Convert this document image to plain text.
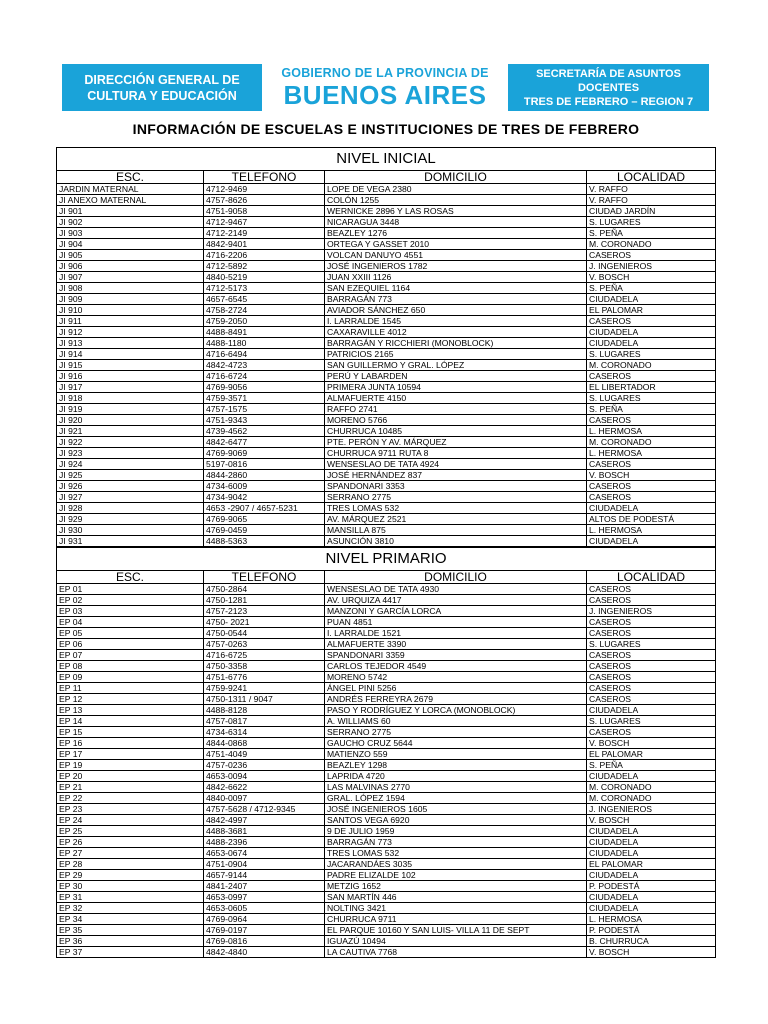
DIRECCIÓN GENERAL DE
CULTURA Y EDUCACIÓN
GOBIERNO DE LA PROVINCIA DE
BUENOS AIRES
SECRETARÍA DE ASUNTOS
DOCENTES
TRES DE FEBRERO – REGION 7
INFORMACIÓN DE ESCUELAS E INSTITUCIONES DE TRES DE FEBRERO
NIVEL INICIAL			
ESC.	TELEFONO	DOMICILIO	LOCALIDAD
JARDIN MATERNAL	4712-9469	LOPE DE VEGA 2380	V. RAFFO
JI ANEXO MATERNAL	4757-8626	COLÓN 1255	V. RAFFO
JI 901	4751-9058	WERNICKE 2896 Y LAS ROSAS	CIUDAD JARDÍN
JI 902	4712-9467	NICARAGUA 3448	S. LUGARES
JI 903	4712-2149	BEAZLEY 1276	S. PEÑA
JI 904	4842-9401	ORTEGA Y GASSET 2010	M. CORONADO
JI 905	4716-2206	VOLCAN DANUYO 4551	CASEROS
JI 906	4712-5892	JOSÉ INGENIEROS 1782	J. INGENIEROS
JI 907	4840-5219	JUAN XXIII 1126	V. BOSCH
JI 908	4712-5173	SAN EZEQUIEL 1164	S. PEÑA
JI 909	4657-6545	BARRAGÁN 773	CIUDADELA
JI 910	4758-2724	AVIADOR SÁNCHEZ 650	EL PALOMAR
JI 911	4759-2050	I. LARRALDE 1545	CASEROS
JI 912	4488-8491	CAXARAVILLE 4012	CIUDADELA
JI 913	4488-1180	BARRAGÁN Y RICCHIERI (MONOBLOCK)	CIUDADELA
JI 914	4716-6494	PATRICIOS 2165	S. LUGARES
JI 915	4842-4723	SAN GUILLERMO Y GRAL. LÓPEZ	M. CORONADO
JI 916	4716-6724	PERÚ Y LABARDEN	CASEROS
JI 917	4769-9056	PRIMERA JUNTA 10594	EL LIBERTADOR
JI 918	4759-3571	ALMAFUERTE 4150	S. LUGARES
JI 919	4757-1575	RAFFO 2741	S. PEÑA
JI 920	4751-9343	MORENO 5766	CASEROS
JI 921	4739-4562	CHURRUCA 10485	L. HERMOSA
JI 922	4842-6477	PTE. PERÓN Y AV. MÁRQUEZ	M. CORONADO
JI 923	4769-9069	CHURRUCA 9711 RUTA 8	L. HERMOSA
JI 924	5197-0816	WENSESLAO DE TATA 4924	CASEROS
JI 925	4844-2860	JOSÉ HERNÁNDEZ 837	V. BOSCH
JI 926	4734-6009	SPANDONARI 3353	CASEROS
JI 927	4734-9042	SERRANO 2775	CASEROS
JI 928	4653 -2907 / 4657-5231	TRES LOMAS 532	CIUDADELA
JI 929	4769-9065	AV. MÁRQUEZ 2521	ALTOS DE PODESTÁ
JI 930	4769-0459	MANSILLA 875	L. HERMOSA
JI 931	4488-5363	ASUNCIÓN 3810	CIUDADELA
NIVEL PRIMARIO			
ESC.	TELEFONO	DOMICILIO	LOCALIDAD
EP 01	4750-2864	WENSESLAO DE TATA 4930	CASEROS
EP 02	4750-1281	AV. URQUIZA 4417	CASEROS
EP 03	4757-2123	MANZONI Y GARCÍA LORCA	J. INGENIEROS
EP 04	4750- 2021	PUAN 4851	CASEROS
EP 05	4750-0544	I. LARRALDE 1521	CASEROS
EP 06	4757-0263	ALMAFUERTE 3390	S. LUGARES
EP 07	4716-6725	SPANDONARI 3359	CASEROS
EP 08	4750-3358	CARLOS TEJEDOR 4549	CASEROS
EP 09	4751-6776	MORENO 5742	CASEROS
EP 11	4759-9241	ÁNGEL PINI 5256	CASEROS
EP 12	4750-1311 / 9047	ANDRÉS FERREYRA 2679	CASEROS
EP 13	4488-8128	PASO Y RODRÍGUEZ Y LORCA (MONOBLOCK)	CIUDADELA
EP 14	4757-0817	A. WILLIAMS 60	S. LUGARES
EP 15	4734-6314	SERRANO 2775	CASEROS
EP 16	4844-0868	GAUCHO CRUZ 5644	V. BOSCH
EP 17	4751-4049	MATIENZO 559	EL PALOMAR
EP 19	4757-0236	BEAZLEY 1298	S. PEÑA
EP 20	4653-0094	LAPRIDA 4720	CIUDADELA
EP 21	4842-6622	LAS MALVINAS 2770	M. CORONADO
EP 22	4840-0097	GRAL. LÓPEZ 1594	M. CORONADO
EP 23	4757-5628 / 4712-9345	JOSÉ INGENIEROS 1605	J. INGENIEROS
EP 24	4842-4997	SANTOS VEGA 6920	V. BOSCH
EP 25	4488-3681	9 DE JULIO 1959	CIUDADELA
EP 26	4488-2396	BARRAGÁN 773	CIUDADELA
EP 27	4653-0674	TRES LOMAS 532	CIUDADELA
EP 28	4751-0904	JACARANDÁES 3035	EL PALOMAR
EP 29	4657-9144	PADRE ELIZALDE 102	CIUDADELA
EP 30	4841-2407	METZIG 1652	P. PODESTÁ
EP 31	4653-0997	SAN MARTÍN 446	CIUDADELA
EP 32	4653-0605	NOLTING 3421	CIUDADELA
EP 34	4769-0964	CHURRUCA 9711	L. HERMOSA
EP 35	4769-0197	EL PARQUE 10160 Y SAN LUIS- VILLA 11 DE SEPT	P. PODESTÁ
EP 36	4769-0816	IGUAZÚ 10494	B. CHURRUCA
EP 37	4842-4840	LA CAUTIVA 7768	V. BOSCH
